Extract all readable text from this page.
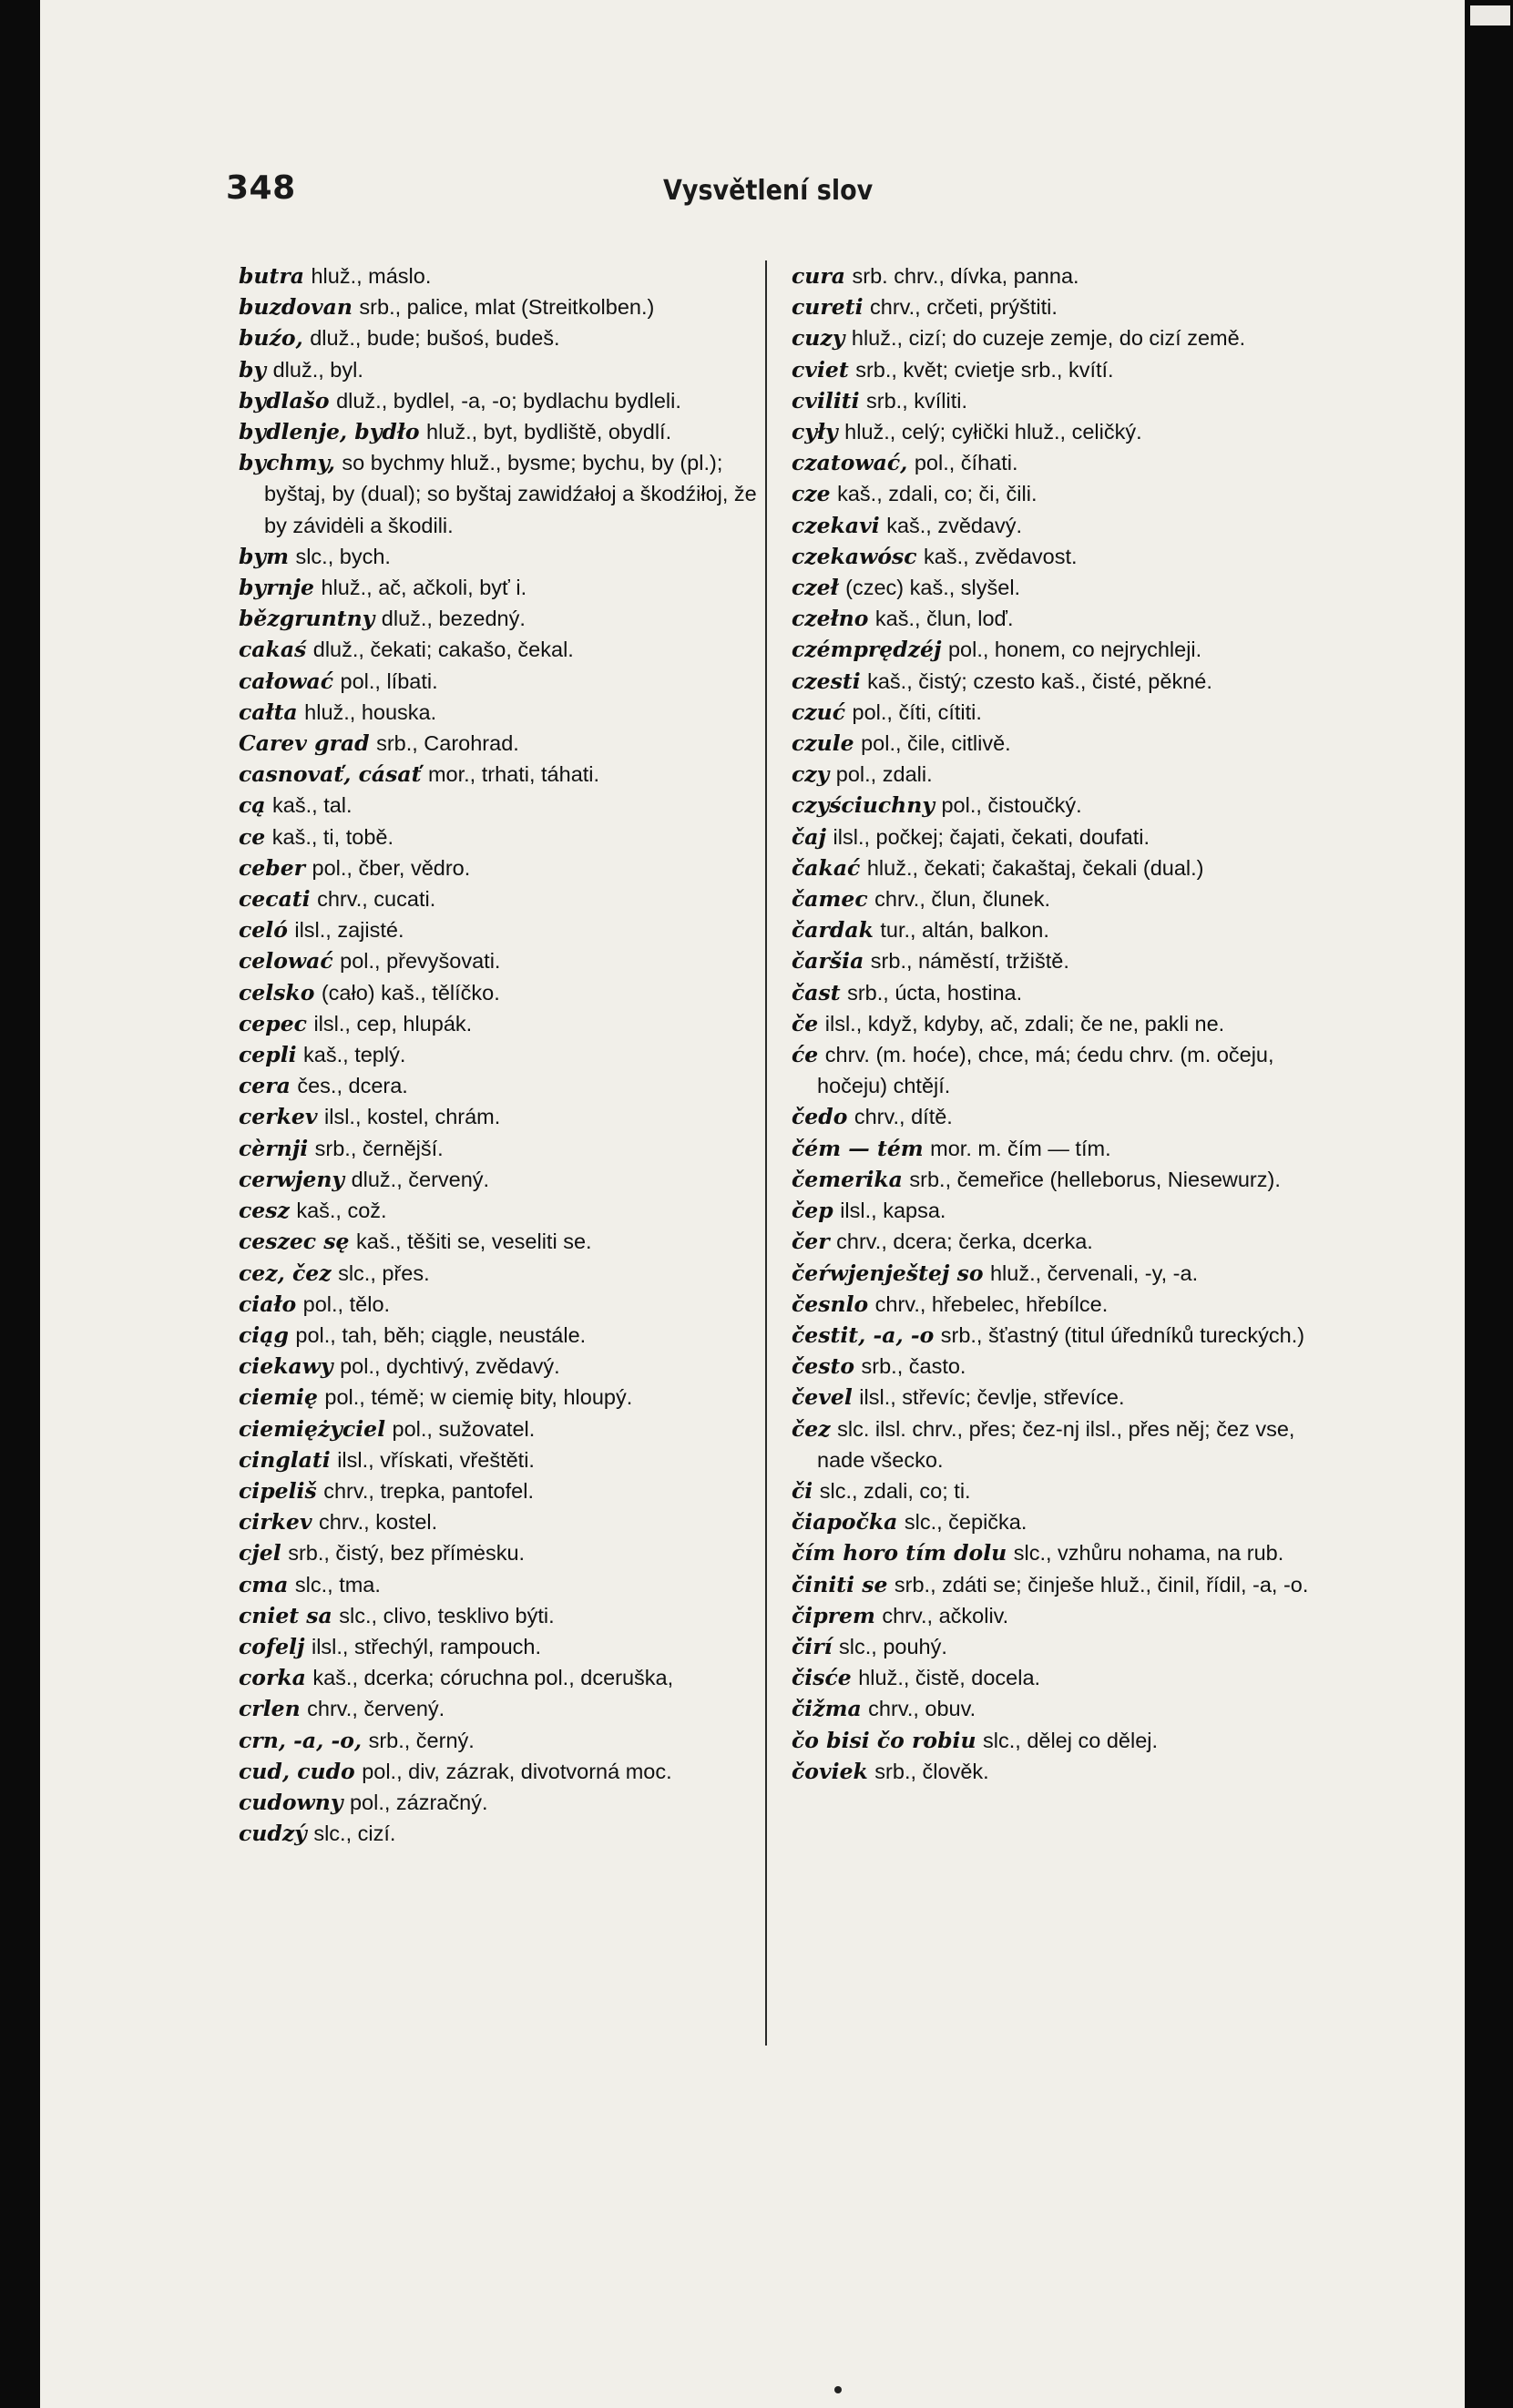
348	Vysvětlení slov

butra hluž., máslo.

buzdovan srb., palice, mlat (Streitkolben.)

buźo, dluž., bude; bušoś, budeš.

by dluž., byl.

bydlašo dluž., bydlel, -a, -o; bydlachu bydleli.

bydlenje, bydło hluž., byt, bydliště, obydlí.

bychmy, so bychmy hluž., bysme; bychu, by (pl.); byštaj, by (dual); so byštaj zawidźałoj a škodźiłoj, že by závidėli a škodili.

bym slc., bych.

byrnje hluž., ač, ačkoli, byť i.

bězgruntny dluž., bezedný.

cakaś dluž., čekati; cakašo, čekal.

całować pol., líbati.

całta hluž., houska.

Carev grad srb., Carohrad.

casnovať, cásať mor., trhati, táhati.

cą kaš., tal.

ce kaš., ti, tobě.

ceber pol., čber, vědro.

cecati chrv., cucati.

celó ilsl., zajisté.

celować pol., převyšovati.

celsko (cało) kaš., tělíčko.

cepec ilsl., cep, hlupák.

cepli kaš., teplý.

cera čes., dcera.

cerkev ilsl., kostel, chrám.

cèrnji srb., černější.

cerwjeny dluž., červený.

cesz kaš., což.

ceszec sę kaš., těšiti se, veseliti se.

cez, čez slc., přes.

ciało pol., tělo.

ciąg pol., tah, běh; ciągle, neustále.

ciekawy pol., dychtivý, zvědavý.

ciemię pol., témě; w ciemię bity, hloupý.

ciemiężyciel pol., sužovatel.

cinglati ilsl., vřískati, vřeštěti.

cipeliš chrv., trepka, pantofel.

cirkev chrv., kostel.

cjel srb., čistý, bez přímėsku.

cma slc., tma.

cniet sa slc., clivo, tesklivo býti.

cofelj ilsl., střechýl, rampouch.

corka kaš., dcerka; córuchna pol., dceruška,

crlen chrv., červený.

crn, -a, -o, srb., černý.

cud, cudo pol., div, zázrak, divotvorná moc.

cudowny pol., zázračný.

cudzý slc., cizí.

cura srb. chrv., dívka, panna.

cureti chrv., crčeti, prýštiti.

cuzy hluž., cizí; do cuzeje zemje, do cizí země.

cviet srb., květ; cvietje srb., kvítí.

cviliti srb., kvíliti.

cyły hluž., celý; cyłički hluž., celičký.

czatować, pol., číhati.

cze kaš., zdali, co; či, čili.

czekavi kaš., zvědavý.

czekawósc kaš., zvědavost.

czeł (czec) kaš., slyšel.

czełno kaš., člun, loď.

czémprędzéj pol., honem, co nejrychleji.

czesti kaš., čistý; czesto kaš., čisté, pěkné.

czuć pol., číti, cítiti.

czule pol., čile, citlivě.

czy pol., zdali.

czyściuchny pol., čistoučký.

čaj ilsl., počkej; čajati, čekati, doufati.

čakać hluž., čekati; čakaštaj, čekali (dual.)

čamec chrv., člun, člunek.

čardak tur., altán, balkon.

čaršia srb., náměstí, tržiště.

čast srb., úcta, hostina.

če ilsl., když, kdyby, ač, zdali; če ne, pakli ne.

će chrv. (m. hoće), chce, má; ćedu chrv. (m. očeju, hočeju) chtějí.

čedo chrv., dítě.

čém — tém mor. m. čím — tím.

čemerika srb., čemeřice (helleborus, Niesewurz).

čep ilsl., kapsa.

čer chrv., dcera; čerka, dcerka.

čeŕwjenještej so hluž., červenali, -y, -a.

česnlo chrv., hřebelec, hřebílce.

čestit, -a, -o srb., šťastný (titul úředníků tureckých.)

često srb., často.

čevel ilsl., střevíc; čevlje, střevíce.

čez slc. ilsl. chrv., přes; čez-nj ilsl., přes něj; čez vse, nade všecko.

či slc., zdali, co; ti.

čiapočka slc., čepička.

čím horo tím dolu slc., vzhůru nohama, na rub.

činiti se srb., zdáti se; činješe hluž., činil, řídil, -a, -o.

čiprem chrv., ačkoliv.

čirí slc., pouhý.

čisće hluž., čistě, docela.

čižma chrv., obuv.

čo bisi čo robiu slc., dělej co dělej.

čoviek srb., člověk.
